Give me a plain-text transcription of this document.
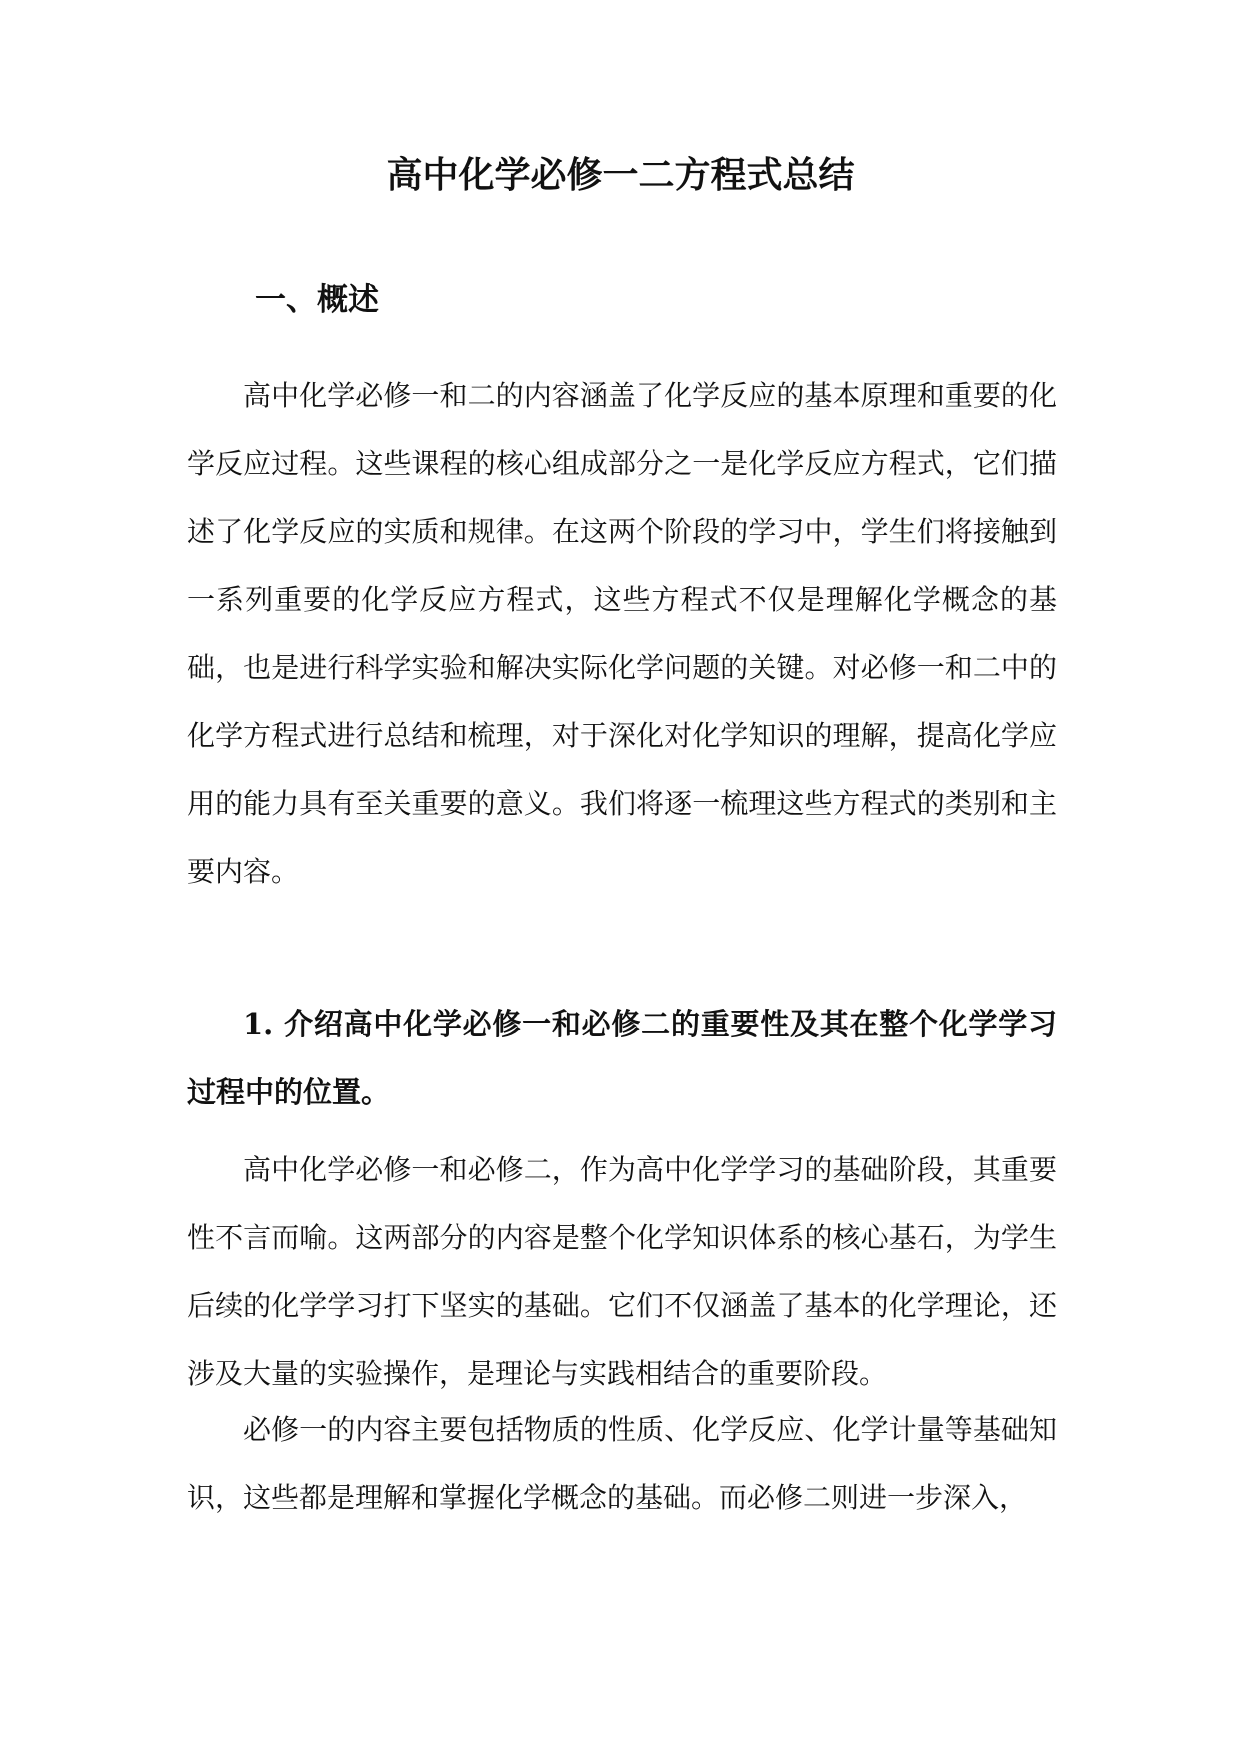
高中化学必修一二方程式总结
一、概述

高中化学必修一和二的内容涵盖了化学反应的基本原理和重要的化学反应过程。这些课程的核心组成部分之一是化学反应方程式，它们描述了化学反应的实质和规律。在这两个阶段的学习中，学生们将接触到一系列重要的化学反应方程式，这些方程式不仅是理解化学概念的基础，也是进行科学实验和解决实际化学问题的关键。对必修一和二中的化学方程式进行总结和梳理，对于深化对化学知识的理解，提高化学应用的能力具有至关重要的意义。我们将逐一梳理这些方程式的类别和主要内容。

1. 介绍高中化学必修一和必修二的重要性及其在整个化学学习过程中的位置。

高中化学必修一和必修二，作为高中化学学习的基础阶段，其重要性不言而喻。这两部分的内容是整个化学知识体系的核心基石，为学生后续的化学学习打下坚实的基础。它们不仅涵盖了基本的化学理论，还涉及大量的实验操作，是理论与实践相结合的重要阶段。

必修一的内容主要包括物质的性质、化学反应、化学计量等基础知识，这些都是理解和掌握化学概念的基础。而必修二则进一步深入，
